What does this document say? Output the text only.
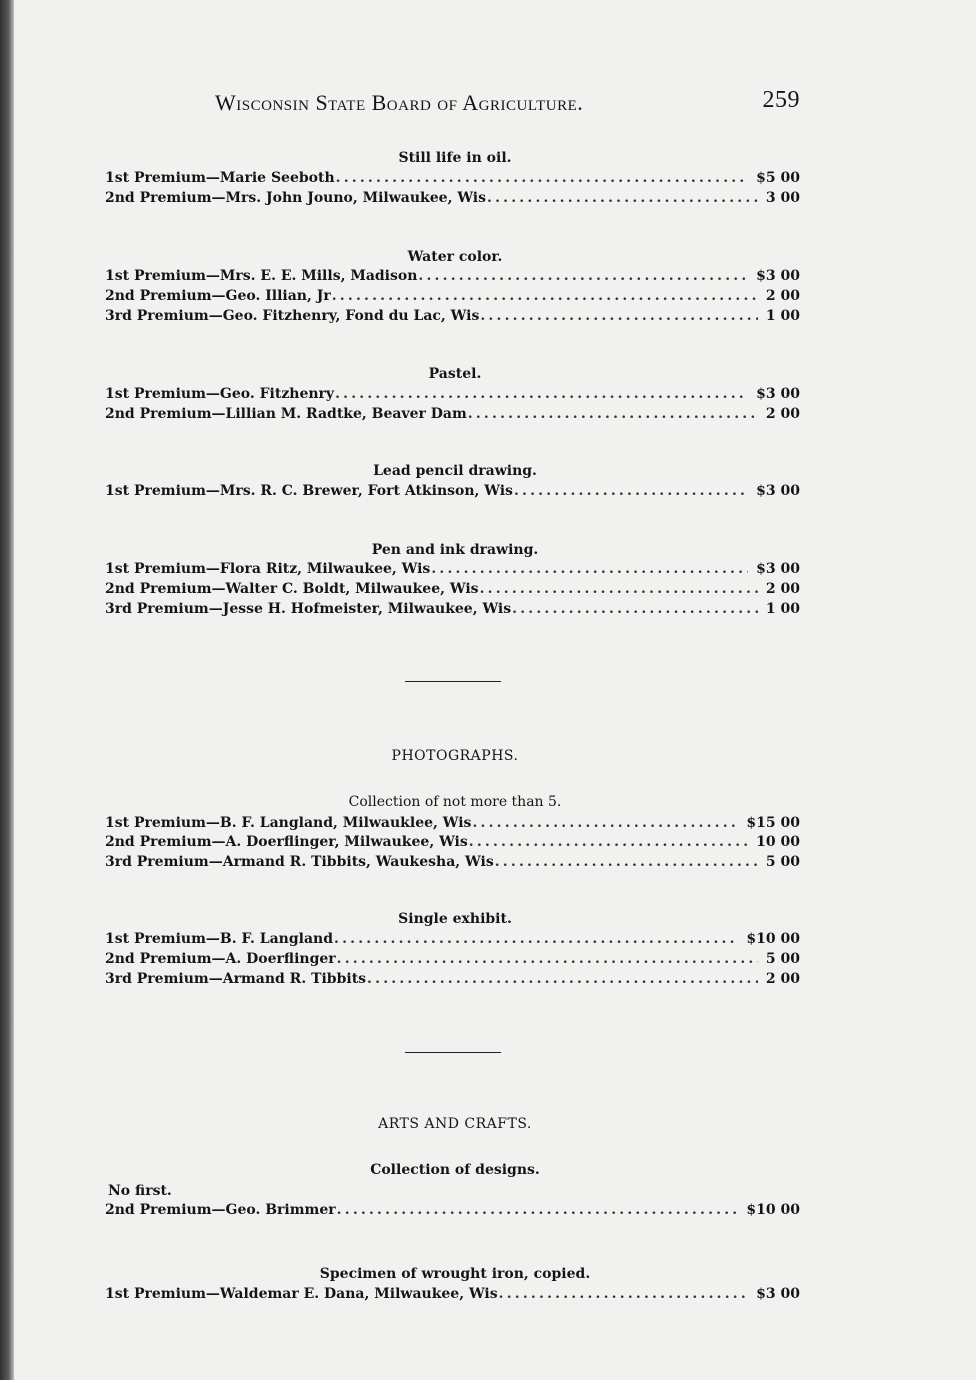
Wisconsin State Board of Agriculture.	259
Still life in oil.
1st Premium—Marie Seeboth .....	$5 00
2nd Premium—Mrs. John Jouno, Milwaukee, Wis .....	3 00
Water color.
1st Premium—Mrs. E. E. Mills, Madison .....	$3 00
2nd Premium—Geo. Illian, Jr .....	2 00
3rd Premium—Geo. Fitzhenry, Fond du Lac, Wis .....	1 00
Pastel.
1st Premium—Geo. Fitzhenry .....	$3 00
2nd Premium—Lillian M. Radtke, Beaver Dam .....	2 00
Lead pencil drawing.
1st Premium—Mrs. R. C. Brewer, Fort Atkinson, Wis .....	$3 00
Pen and ink drawing.
1st Premium—Flora Ritz, Milwaukee, Wis .....	$3 00
2nd Premium—Walter C. Boldt, Milwaukee, Wis .....	2 00
3rd Premium—Jesse H. Hofmeister, Milwaukee, Wis .....	1 00
PHOTOGRAPHS.
Collection of not more than 5.
1st Premium—B. F. Langland, Milwauklee, Wis .....	$15 00
2nd Premium—A. Doerflinger, Milwaukee, Wis .....	10 00
3rd Premium—Armand R. Tibbits, Waukesha, Wis .....	5 00
Single exhibit.
1st Premium—B. F. Langland .....	$10 00
2nd Premium—A. Doerflinger .....	5 00
3rd Premium—Armand R. Tibbits .....	2 00
ARTS AND CRAFTS.
Collection of designs.
No first.
2nd Premium—Geo. Brimmer .....	$10 00
Specimen of wrought iron, copied.
1st Premium—Waldemar E. Dana, Milwaukee, Wis .....	$3 00
